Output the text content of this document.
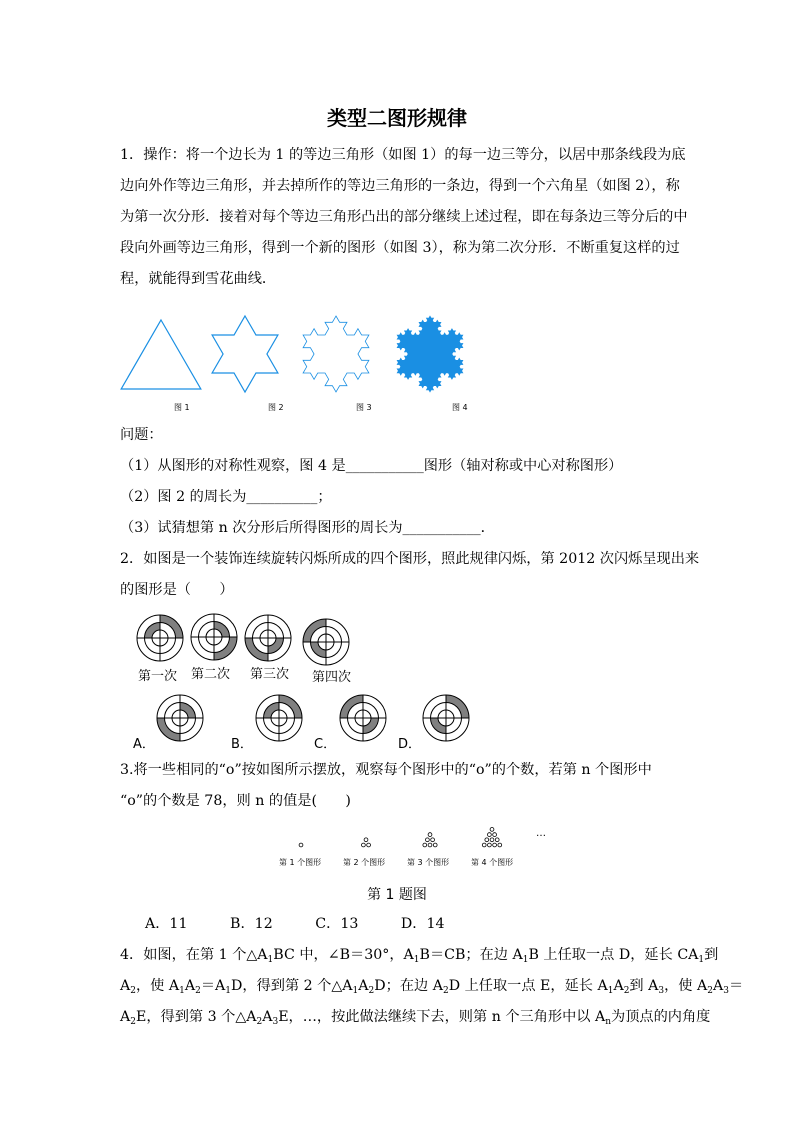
类型二图形规律
1．操作：将一个边长为 1 的等边三角形（如图 1）的每一边三等分，以居中那条线段为底
边向外作等边三角形，并去掉所作的等边三角形的一条边，得到一个六角星（如图 2），称
为第一次分形．接着对每个等边三角形凸出的部分继续上述过程，即在每条边三等分后的中
段向外画等边三角形，得到一个新的图形（如图 3），称为第二次分形．不断重复这样的过
程，就能得到雪花曲线．
图 1	图 2	图 3	图 4
问题：
（1）从图形的对称性观察，图 4 是___________图形（轴对称或中心对称图形）
（2）图 2 的周长为__________；
（3）试猜想第 n 次分形后所得图形的周长为___________．
2．如图是一个装饰连续旋转闪烁所成的四个图形，照此规律闪烁，第 2012 次闪烁呈现出来
的图形是（　　）
第一次 第二次 第三次 第四次
A．	B．	C．	D．
3.将一些相同的“o”按如图所示摆放，观察每个图形中的“o”的个数，若第 n 个图形中
“o”的个数是 78，则 n 的值是(　　)
…
第 1 个图形	第 2 个图形	第 3 个图形	第 4 个图形
第 1 题图
A．11　　　B．12　　　C．13　　　D．14
4．如图，在第 1 个$\triangle A_1BC$ 中，∠B＝30°，$A_1B=CB$；在边 $A_1B$ 上任取一点 D，延长 $CA_1$到
$A_2$，使 $A_1A_2=A_1D$，得到第 2 个$\triangle A_1A_2D$；在边 $A_2D$ 上任取一点 E，延长 $A_1A_2$到 $A_3$，使 $A_2A_3=$
$A_2E$，得到第 3 个$\triangle A_2A_3E$，…，按此做法继续下去，则第 n 个三角形中以 $A_n$为顶点的内角度
